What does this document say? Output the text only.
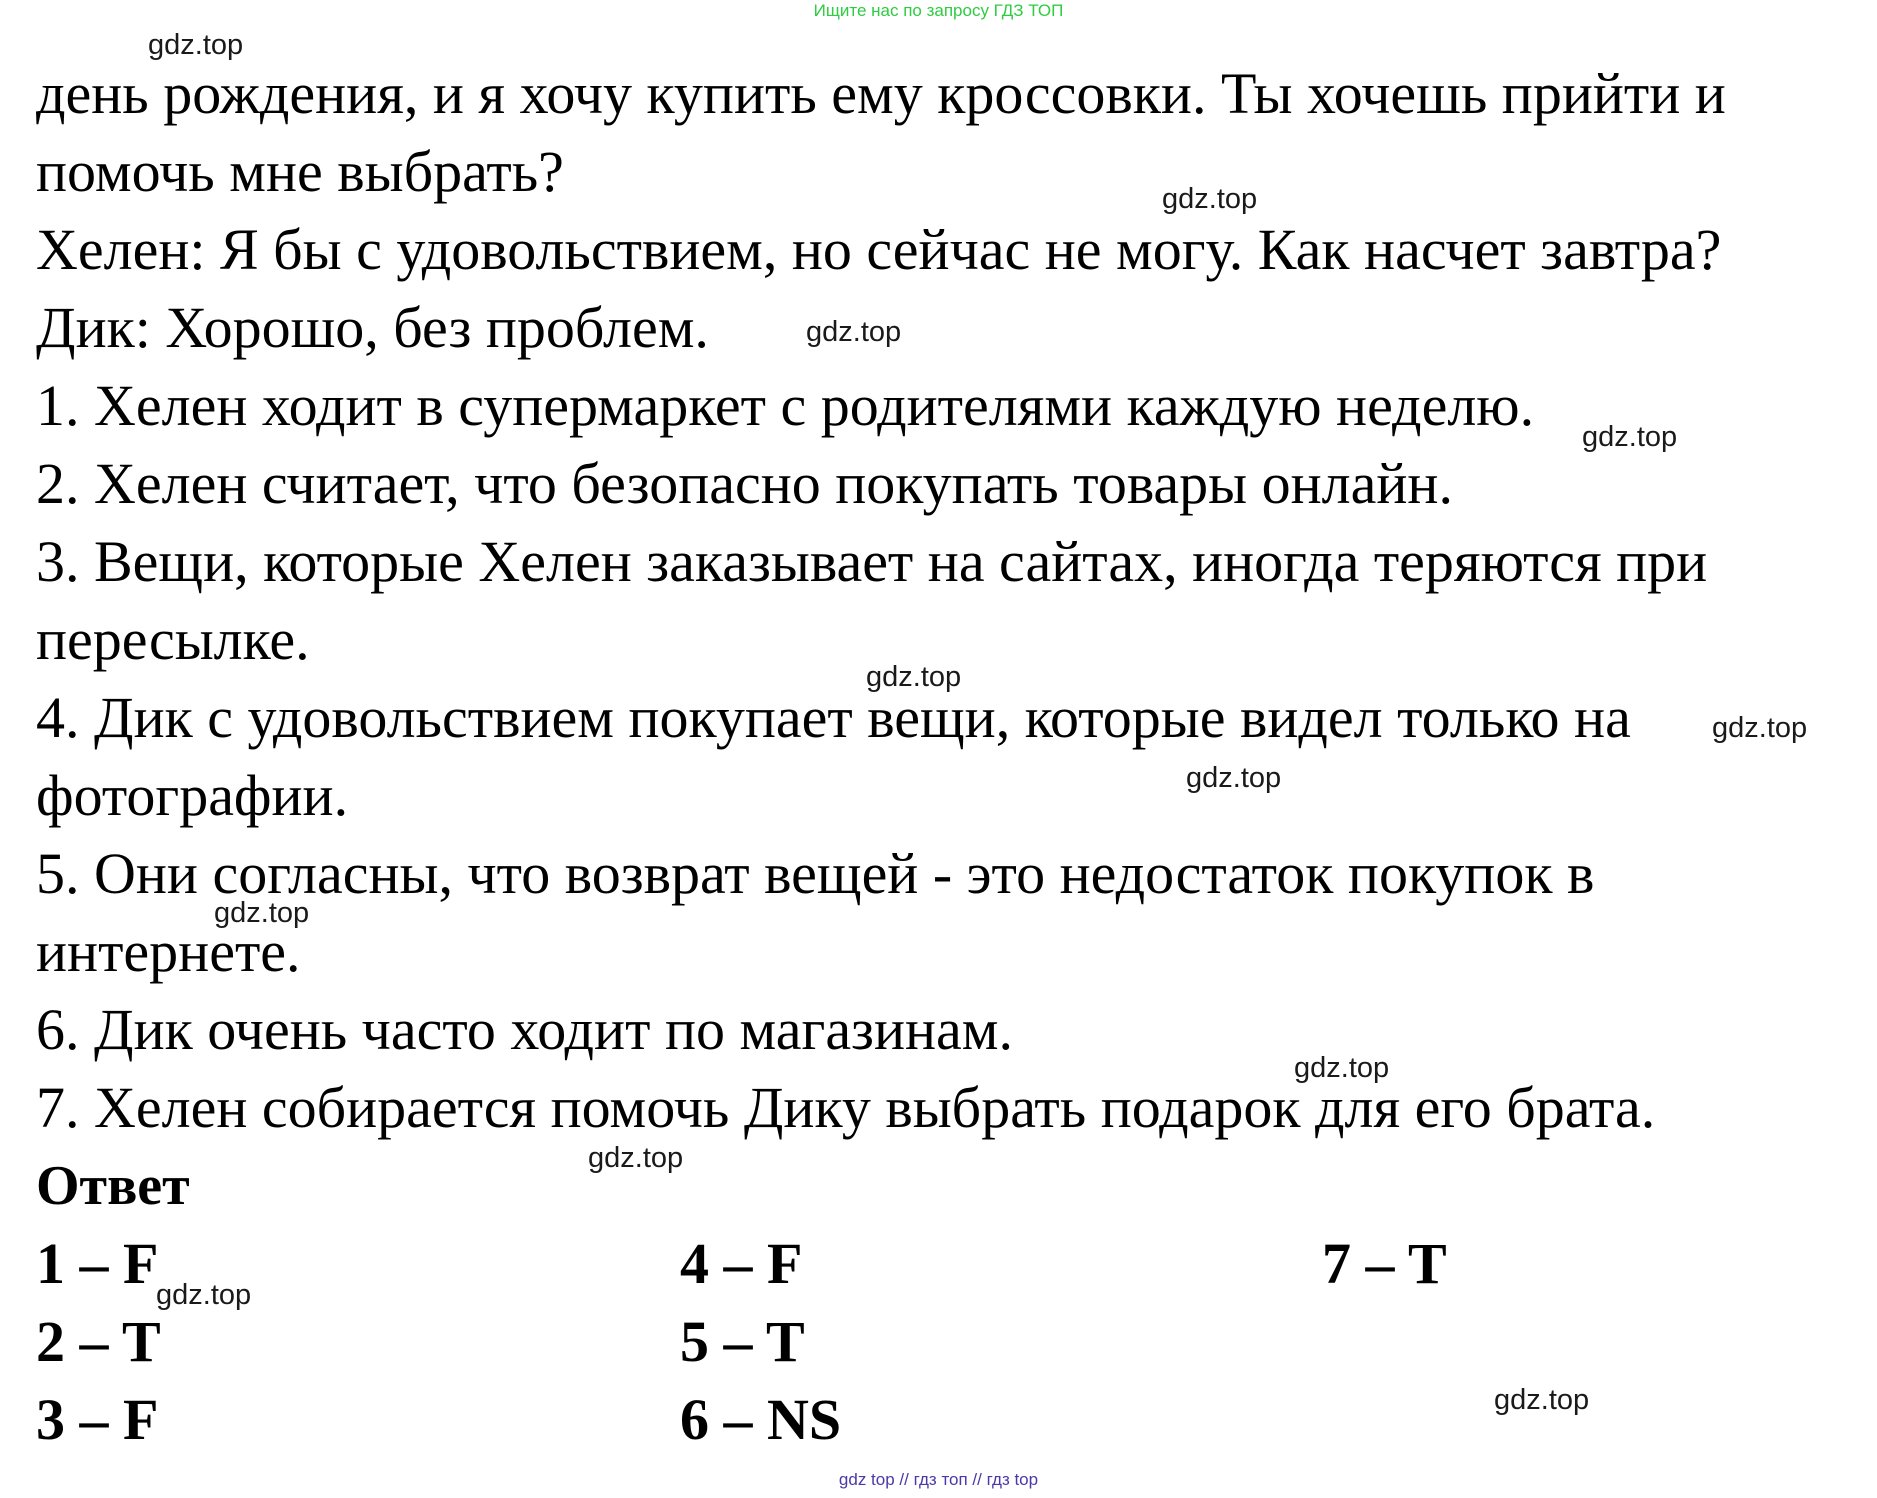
Ищите нас по запросу ГДЗ ТОП
день рождения, и я хочу купить ему кроссовки. Ты хочешь прийти и
помочь мне выбрать?
Хелен: Я бы с удовольствием, но сейчас не могу. Как насчет завтра?
Дик: Хорошо, без проблем.
1. Хелен ходит в супермаркет с родителями каждую неделю.
2. Хелен считает, что безопасно покупать товары онлайн.
3. Вещи, которые Хелен заказывает на сайтах, иногда теряются при
пересылке.
4. Дик с удовольствием покупает вещи, которые видел только на
фотографии.
5. Они согласны, что возврат вещей - это недостаток покупок в
интернете.
6. Дик очень часто ходит по магазинам.
7. Хелен собирается помочь Дику выбрать подарок для его брата.
Ответ
1 – F
2 – T
3 – F
4 – F
5 – T
6 – NS
7 – T
gdz.top
gdz.top
gdz.top
gdz.top
gdz.top
gdz.top
gdz.top
gdz.top
gdz.top
gdz.top
gdz.top
gdz.top
gdz top // гдз топ // гдз top
